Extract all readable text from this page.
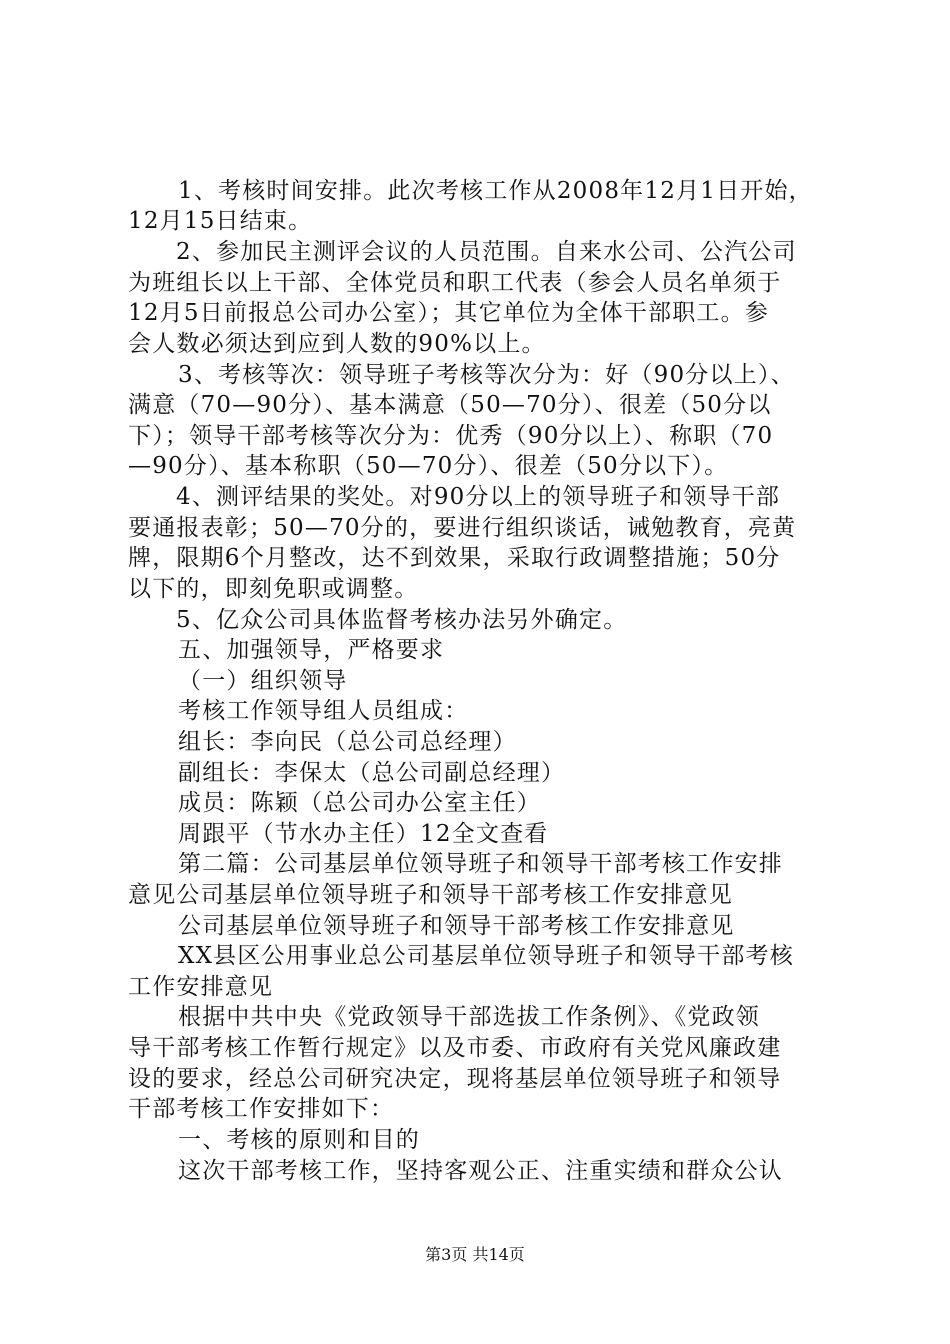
1、考核时间安排。此次考核工作从2008年12月1日开始，
12月15日结束。
2、参加民主测评会议的人员范围。自来水公司、公汽公司
为班组长以上干部、全体党员和职工代表（参会人员名单须于
12月5日前报总公司办公室）；其它单位为全体干部职工。参
会人数必须达到应到人数的90%以上。
3、考核等次：领导班子考核等次分为：好（90分以上）、
满意（70—90分）、基本满意（50—70分）、很差（50分以
下）；领导干部考核等次分为：优秀（90分以上）、称职（70
—90分）、基本称职（50—70分）、很差（50分以下）。
4、测评结果的奖处。对90分以上的领导班子和领导干部
要通报表彰；50—70分的，要进行组织谈话，诫勉教育，亮黄
牌，限期6个月整改，达不到效果，采取行政调整措施；50分
以下的，即刻免职或调整。
5、亿众公司具体监督考核办法另外确定。
五、加强领导，严格要求
（一）组织领导
考核工作领导组人员组成：
组长：李向民（总公司总经理）
副组长：李保太（总公司副总经理）
成员：陈颖（总公司办公室主任）
周跟平（节水办主任）12全文查看
第二篇：公司基层单位领导班子和领导干部考核工作安排
意见公司基层单位领导班子和领导干部考核工作安排意见
公司基层单位领导班子和领导干部考核工作安排意见
XX县区公用事业总公司基层单位领导班子和领导干部考核
工作安排意见
根据中共中央《党政领导干部选拔工作条例》、《党政领
导干部考核工作暂行规定》以及市委、市政府有关党风廉政建
设的要求，经总公司研究决定，现将基层单位领导班子和领导
干部考核工作安排如下：
一、考核的原则和目的
这次干部考核工作，坚持客观公正、注重实绩和群众公认
第3页 共14页
